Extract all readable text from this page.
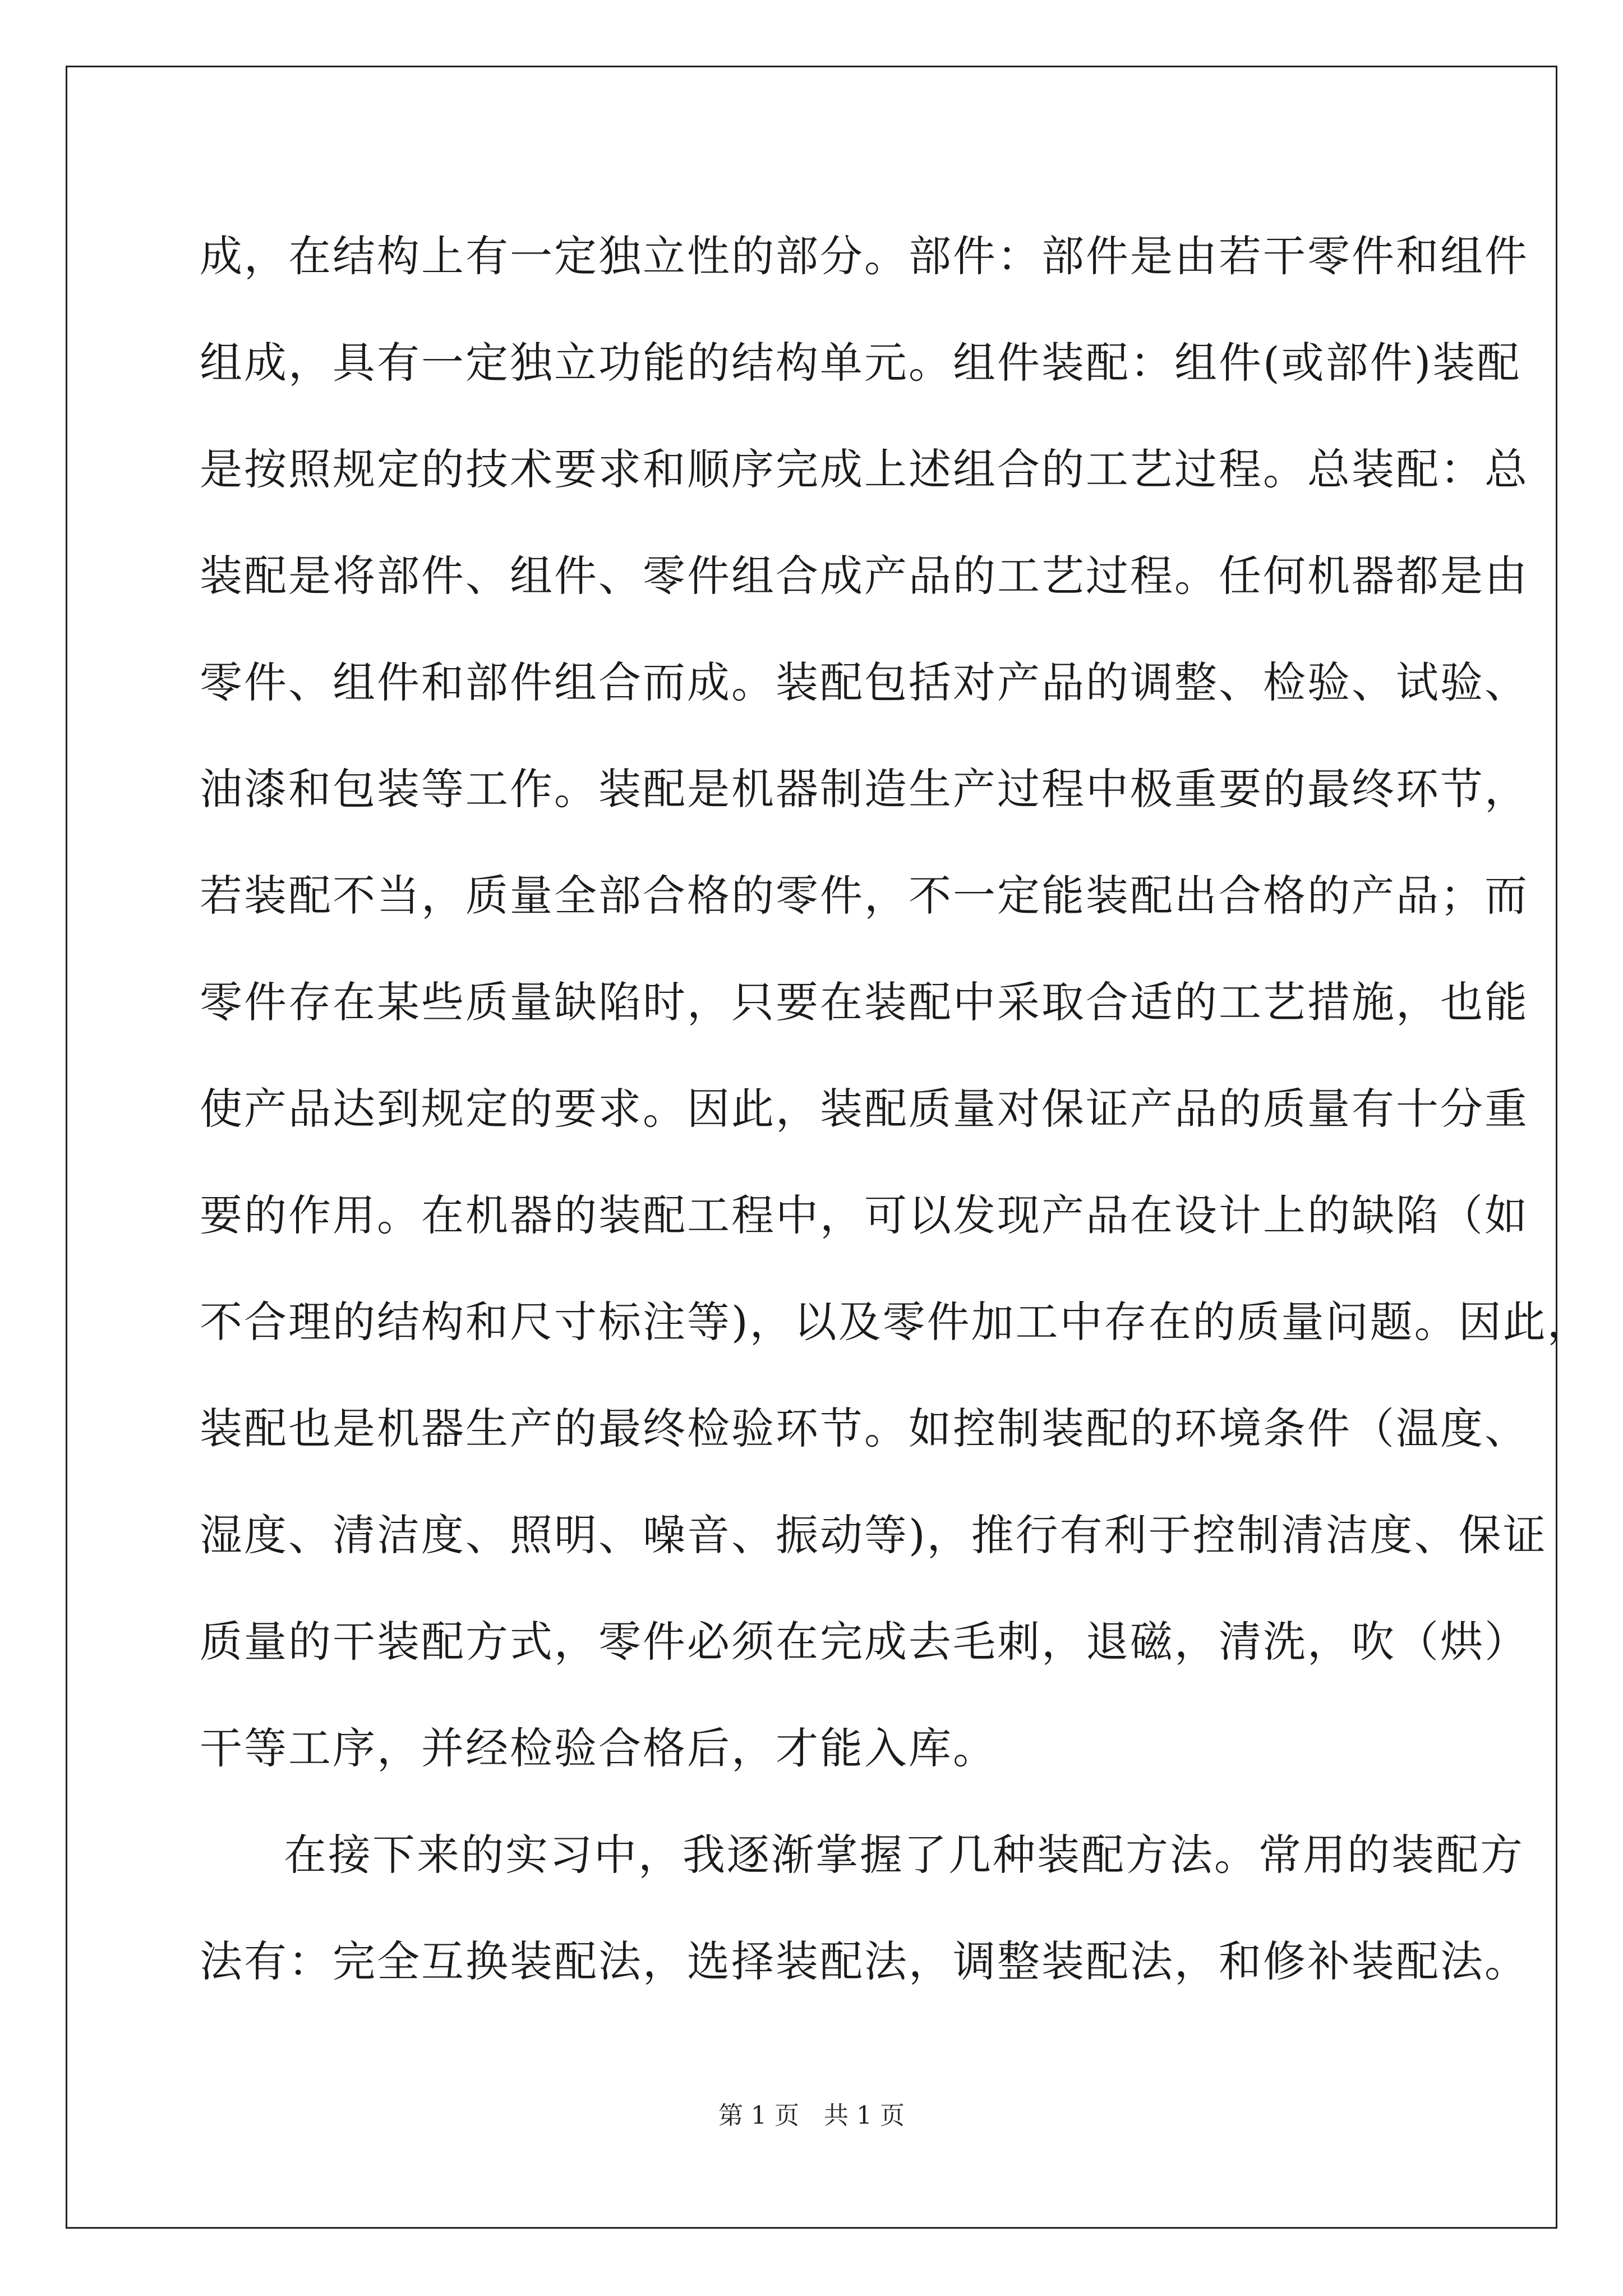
成，在结构上有一定独立性的部分。部件：部件是由若干零件和组件
组成，具有一定独立功能的结构单元。组件装配：组件(或部件)装配
是按照规定的技术要求和顺序完成上述组合的工艺过程。总装配：总
装配是将部件、组件、零件组合成产品的工艺过程。任何机器都是由
零件、组件和部件组合而成。装配包括对产品的调整、检验、试验、
油漆和包装等工作。装配是机器制造生产过程中极重要的最终环节，
若装配不当，质量全部合格的零件，不一定能装配出合格的产品；而
零件存在某些质量缺陷时，只要在装配中采取合适的工艺措施，也能
使产品达到规定的要求。因此，装配质量对保证产品的质量有十分重
要的作用。在机器的装配工程中，可以发现产品在设计上的缺陷（如
不合理的结构和尺寸标注等)，以及零件加工中存在的质量问题。因此，
装配也是机器生产的最终检验环节。如控制装配的环境条件（温度、
湿度、清洁度、照明、噪音、振动等)，推行有利于控制清洁度、保证
质量的干装配方式，零件必须在完成去毛刺，退磁，清洗，吹（烘）
干等工序，并经检验合格后，才能入库。
在接下来的实习中，我逐渐掌握了几种装配方法。常用的装配方
法有：完全互换装配法，选择装配法，调整装配法，和修补装配法。
第 1 页　共 1 页
